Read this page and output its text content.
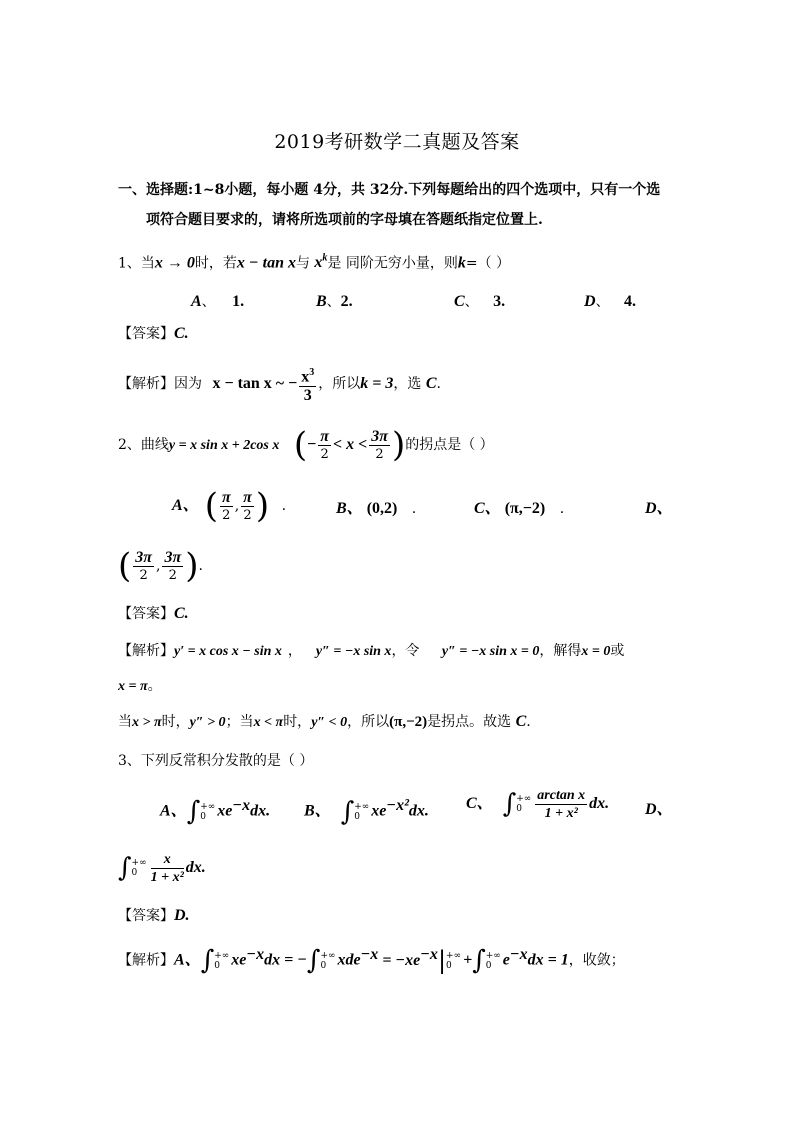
2019考研数学二真题及答案
一、选择题:1~8小题，每小题 4分，共 32分.下列每题给出的四个选项中，只有一个选
项符合题目要求的，请将所选项前的字母填在答题纸指定位置上.
1、当x → 0时，若x − tan x与 $x^k$是 同阶无穷小量，则k=（ ）
A、 1.	B、2.	C、 3.	D、 4.
【答案】C.
【解析】因为 x − tan x ~ − $\frac{x^3}{3}$ ，所以k = 3，选 C.
2、曲线y = x sin x + 2cos x (− $\frac{\pi}{2} < x < \frac{3\pi}{2}$ )的拐点是（ ）
A、 ( $\frac{\pi}{2}$ , $\frac{\pi}{2}$ ) .	B、 (0,2) .	C、 (π,−2) .	D、
( $\frac{3\pi}{2}$ , $\frac{3\pi}{2}$ ).
【答案】C.
【解析】y′ = x cos x − sin x ， y″ = −x sin x，令 y″ = −x sin x = 0，解得x = 0或
x = π。
当x > π时，y″ > 0；当x < π时，y″ < 0，所以(π,−2)是拐点。故选 C.
3、下列反常积分发散的是（ ）
A、∫ +∞
0 $xe^{-x}dx$. B、 ∫ +∞
0 $xe^{-x^2}dx$. C、 ∫ +∞
$0 \frac{\text{arctan x}}{\text{1 + x²}}$ dx. D、
∫ +∞
$0 \frac{x}{\text{1 + x²}}$ dx.
【答案】D.
【解析】A、∫ +∞
0 $xe^{-x}dx$ = −∫ +∞
0 $xde^{-x} = -xe^{-x}|$ +∞
0 +∫ +∞
0 $e^{-x}dx = 1$，收敛；
